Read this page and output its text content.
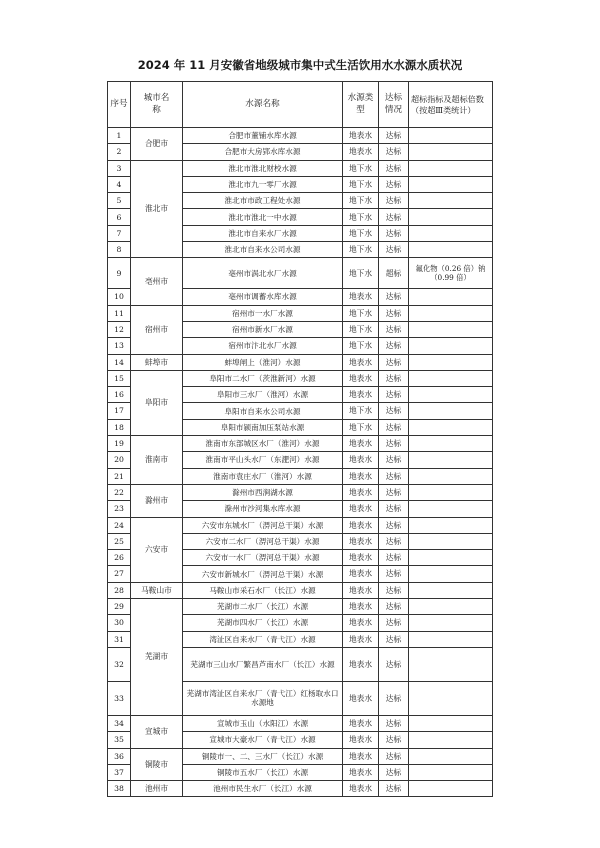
2024 年 11 月安徽省地级城市集中式生活饮用水水源水质状况
序号	城市名称	水源名称	水源类型	达标情况	超标指标及超标倍数（按超Ⅲ类统计）
1	合肥市	合肥市董铺水库水源	地表水	达标	
2		合肥市大房郢水库水源	地表水	达标	
3	淮北市	淮北市淮北财校水源	地下水	达标	
4		淮北市九一零厂水源	地下水	达标	
5		淮北市市政工程处水源	地下水	达标	
6		淮北市淮北一中水源	地下水	达标	
7		淮北市自来水厂水源	地下水	达标	
8		淮北市自来水公司水源	地下水	达标	
9	亳州市	亳州市涡北水厂水源	地下水	超标	氟化物（0.26 倍）钠（0.99 倍）
10		亳州市调蓄水库水源	地表水	达标	
11	宿州市	宿州市一水厂水源	地下水	达标	
12		宿州市新水厂水源	地下水	达标	
13		宿州市汴北水厂水源	地下水	达标	
14	蚌埠市	蚌埠闸上（淮河）水源	地表水	达标	
15	阜阳市	阜阳市二水厂（茨淮新河）水源	地表水	达标	
16		阜阳市三水厂（淮河）水源	地表水	达标	
17		阜阳市自来水公司水源	地下水	达标	
18		阜阳市颍南加压泵站水源	地下水	达标	
19	淮南市	淮南市东部城区水厂（淮河）水源	地表水	达标	
20		淮南市平山头水厂（东淝河）水源	地表水	达标	
21		淮南市袁庄水厂（淮河）水源	地表水	达标	
22	滁州市	滁州市西涧湖水源	地表水	达标	
23		滁州市沙河集水库水源	地表水	达标	
24	六安市	六安市东城水厂（淠河总干渠）水源	地表水	达标	
25		六安市二水厂（淠河总干渠）水源	地表水	达标	
26		六安市一水厂（淠河总干渠）水源	地表水	达标	
27		六安市新城水厂（淠河总干渠）水源	地表水	达标	
28	马鞍山市	马鞍山市采石水厂（长江）水源	地表水	达标	
29	芜湖市	芜湖市二水厂（长江）水源	地表水	达标	
30		芜湖市四水厂（长江）水源	地表水	达标	
31		湾沚区自来水厂（青弋江）水源	地表水	达标	
32		芜湖市三山水厂繁昌芦南水厂（长江）水源	地表水	达标	
33		芜湖市湾沚区自来水厂（青弋江）红杨取水口水源地	地表水	达标	
34	宣城市	宣城市玉山（水阳江）水源	地表水	达标	
35		宣城市大豪水厂（青弋江）水源	地表水	达标	
36	铜陵市	铜陵市一、二、三水厂（长江）水源	地表水	达标	
37		铜陵市五水厂（长江）水源	地表水	达标	
38	池州市	池州市民生水厂（长江）水源	地表水	达标	
